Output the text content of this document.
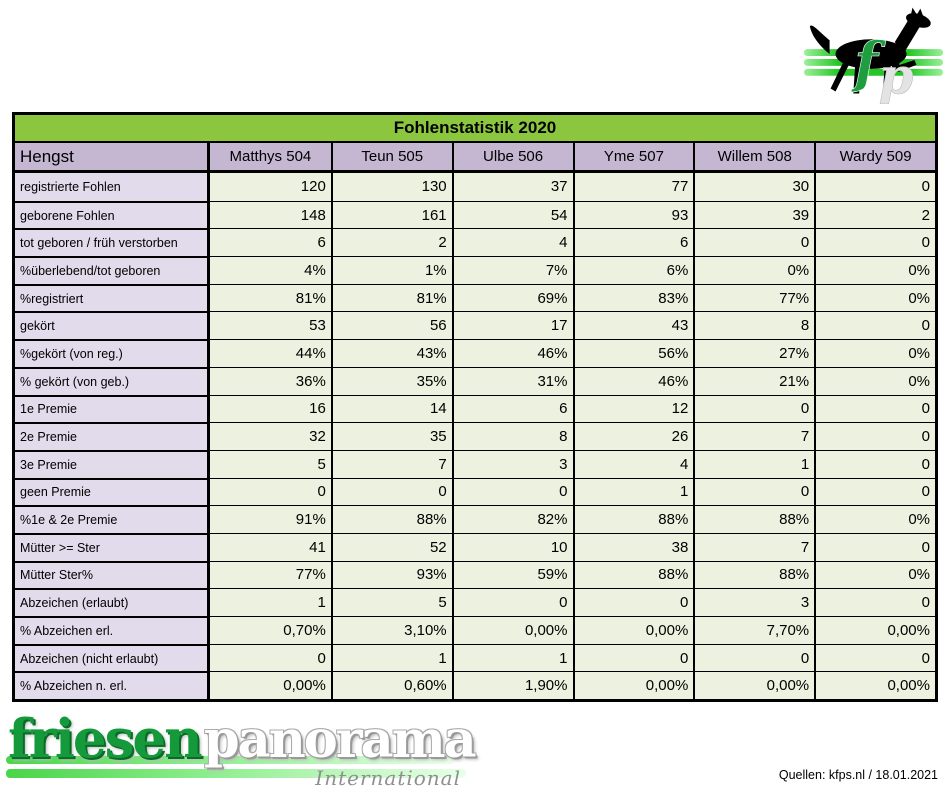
f p
Fohlenstatistik 2020
Hengst	Matthys 504	Teun 505	Ulbe 506	Yme 507	Willem 508	Wardy 509
registrierte Fohlen	120	130	37	77	30	0
geborene Fohlen	148	161	54	93	39	2
tot geboren / früh verstorben	6	2	4	6	0	0
%überlebend/tot geboren	4%	1%	7%	6%	0%	0%
%registriert	81%	81%	69%	83%	77%	0%
gekört	53	56	17	43	8	0
%gekört (von reg.)	44%	43%	46%	56%	27%	0%
% gekört (von geb.)	36%	35%	31%	46%	21%	0%
1e Premie	16	14	6	12	0	0
2e Premie	32	35	8	26	7	0
3e Premie	5	7	3	4	1	0
geen Premie	0	0	0	1	0	0
%1e & 2e Premie	91%	88%	82%	88%	88%	0%
Mütter >= Ster	41	52	10	38	7	0
Mütter Ster%	77%	93%	59%	88%	88%	0%
Abzeichen (erlaubt)	1	5	0	0	3	0
% Abzeichen erl.	0,70%	3,10%	0,00%	0,00%	7,70%	0,00%
Abzeichen (nicht erlaubt)	0	1	1	0	0	0
% Abzeichen n. erl.	0,00%	0,60%	1,90%	0,00%	0,00%	0,00%
friesen panorama
International	Quellen: kfps.nl / 18.01.2021
